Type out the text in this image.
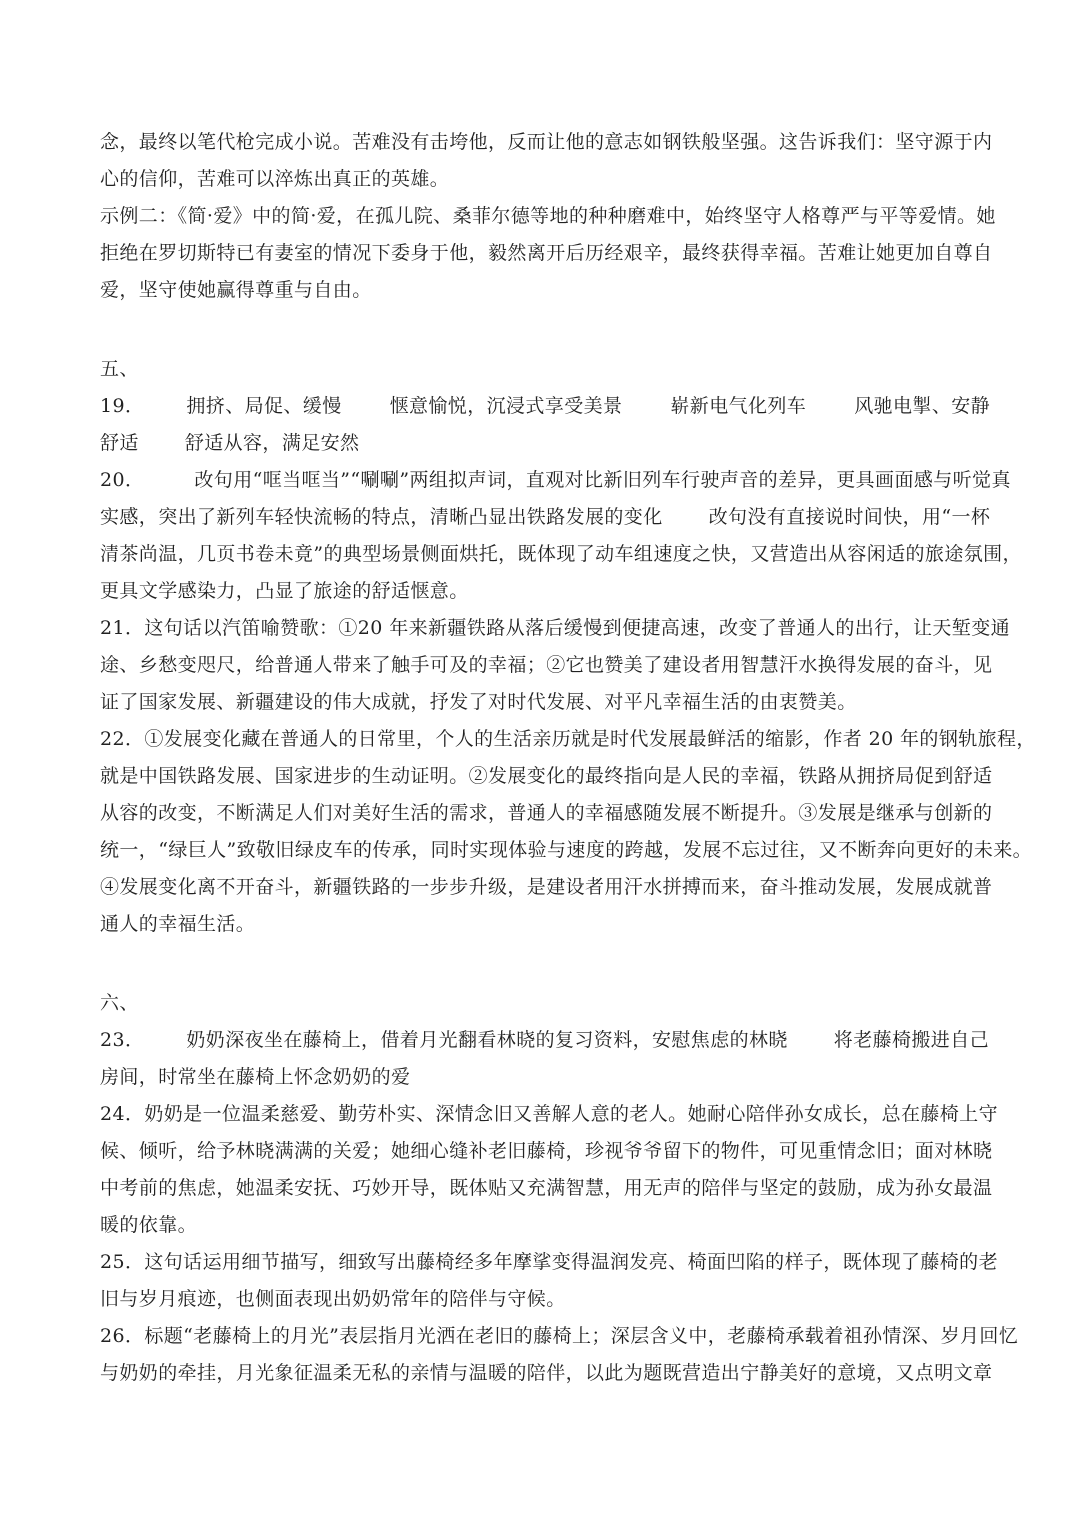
念，最终以笔代枪完成小说。苦难没有击垮他，反而让他的意志如钢铁般坚强。这告诉我们：坚守源于内
心的信仰，苦难可以淬炼出真正的英雄。
示例二：《简·爱》中的简·爱，在孤儿院、桑菲尔德等地的种种磨难中，始终坚守人格尊严与平等爱情。她
拒绝在罗切斯特已有妻室的情况下委身于他，毅然离开后历经艰辛，最终获得幸福。苦难让她更加自尊自
爱，坚守使她赢得尊重与自由。
五、
19． 拥挤、局促、缓慢	惬意愉悦，沉浸式享受美景	崭新电气化列车	风驰电掣、安静
舒适 舒适从容，满足安然
20．	改句用“哐当哐当”“唰唰”两组拟声词，直观对比新旧列车行驶声音的差异，更具画面感与听觉真
实感，突出了新列车轻快流畅的特点，清晰凸显出铁路发展的变化 改句没有直接说时间快，用“一杯
清茶尚温，几页书卷未竟”的典型场景侧面烘托，既体现了动车组速度之快，又营造出从容闲适的旅途氛围，
更具文学感染力，凸显了旅途的舒适惬意。
21．这句话以汽笛喻赞歌：①20 年来新疆铁路从落后缓慢到便捷高速，改变了普通人的出行，让天堑变通
途、乡愁变咫尺，给普通人带来了触手可及的幸福；②它也赞美了建设者用智慧汗水换得发展的奋斗，见
证了国家发展、新疆建设的伟大成就，抒发了对时代发展、对平凡幸福生活的由衷赞美。
22．①发展变化藏在普通人的日常里，个人的生活亲历就是时代发展最鲜活的缩影，作者 20 年的钢轨旅程，
就是中国铁路发展、国家进步的生动证明。②发展变化的最终指向是人民的幸福，铁路从拥挤局促到舒适
从容的改变，不断满足人们对美好生活的需求，普通人的幸福感随发展不断提升。③发展是继承与创新的
统一，“绿巨人”致敬旧绿皮车的传承，同时实现体验与速度的跨越，发展不忘过往，又不断奔向更好的未来。
④发展变化离不开奋斗，新疆铁路的一步步升级，是建设者用汗水拼搏而来，奋斗推动发展，发展成就普
通人的幸福生活。
六、
23． 奶奶深夜坐在藤椅上，借着月光翻看林晓的复习资料，安慰焦虑的林晓 将老藤椅搬进自己
房间，时常坐在藤椅上怀念奶奶的爱
24．奶奶是一位温柔慈爱、勤劳朴实、深情念旧又善解人意的老人。她耐心陪伴孙女成长，总在藤椅上守
候、倾听，给予林晓满满的关爱；她细心缝补老旧藤椅，珍视爷爷留下的物件，可见重情念旧；面对林晓
中考前的焦虑，她温柔安抚、巧妙开导，既体贴又充满智慧，用无声的陪伴与坚定的鼓励，成为孙女最温
暖的依靠。
25．这句话运用细节描写，细致写出藤椅经多年摩挲变得温润发亮、椅面凹陷的样子，既体现了藤椅的老
旧与岁月痕迹，也侧面表现出奶奶常年的陪伴与守候。
26．标题“老藤椅上的月光”表层指月光洒在老旧的藤椅上；深层含义中，老藤椅承载着祖孙情深、岁月回忆
与奶奶的牵挂，月光象征温柔无私的亲情与温暖的陪伴，以此为题既营造出宁静美好的意境，又点明文章
